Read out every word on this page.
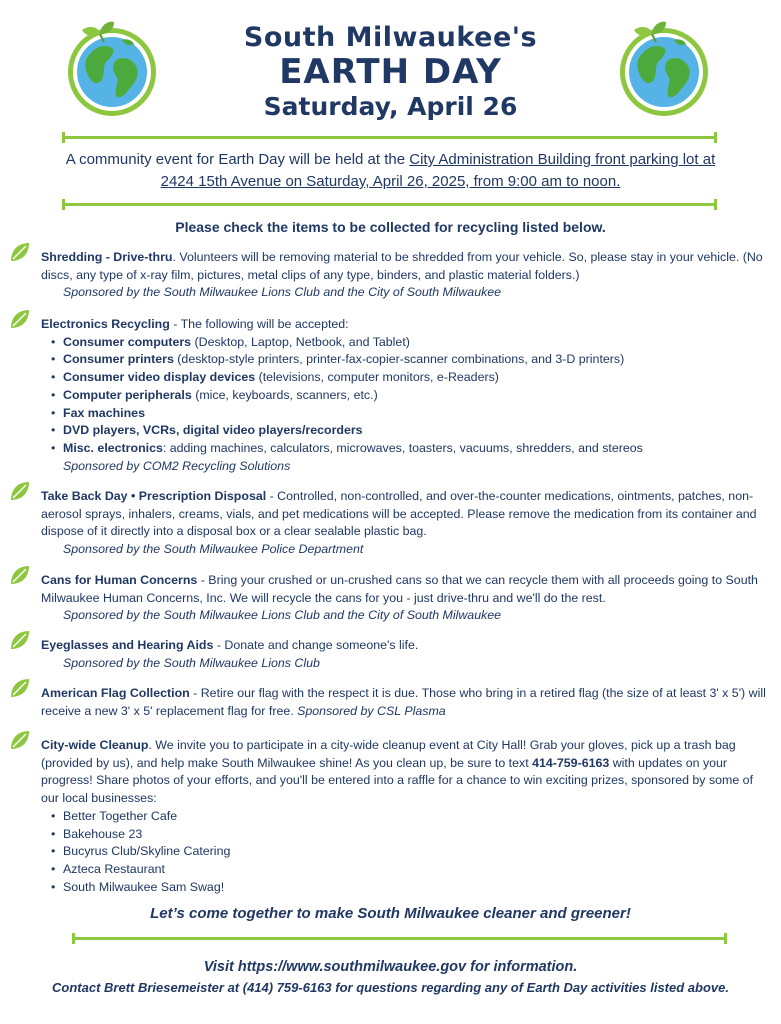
South Milwaukee's
EARTH DAY
Saturday, April 26
A community event for Earth Day will be held at the City Administration Building front parking lot at
2424 15th Avenue on Saturday, April 26, 2025, from 9:00 am to noon.
Please check the items to be collected for recycling listed below.
Shredding - Drive-thru. Volunteers will be removing material to be shredded from your vehicle. So, please stay in your vehicle. (No discs, any type of x-ray film, pictures, metal clips of any type, binders, and plastic material folders.)
Sponsored by the South Milwaukee Lions Club and the City of South Milwaukee
Electronics Recycling - The following will be accepted:
• Consumer computers (Desktop, Laptop, Netbook, and Tablet)
• Consumer printers (desktop-style printers, printer-fax-copier-scanner combinations, and 3-D printers)
• Consumer video display devices (televisions, computer monitors, e-Readers)
• Computer peripherals (mice, keyboards, scanners, etc.)
• Fax machines
• DVD players, VCRs, digital video players/recorders
• Misc. electronics: adding machines, calculators, microwaves, toasters, vacuums, shredders, and stereos
Sponsored by COM2 Recycling Solutions
Take Back Day • Prescription Disposal - Controlled, non-controlled, and over-the-counter medications, ointments, patches, non-aerosol sprays, inhalers, creams, vials, and pet medications will be accepted. Please remove the medication from its container and dispose of it directly into a disposal box or a clear sealable plastic bag.
Sponsored by the South Milwaukee Police Department
Cans for Human Concerns - Bring your crushed or un-crushed cans so that we can recycle them with all proceeds going to South Milwaukee Human Concerns, Inc. We will recycle the cans for you - just drive-thru and we'll do the rest.
Sponsored by the South Milwaukee Lions Club and the City of South Milwaukee
Eyeglasses and Hearing Aids - Donate and change someone's life.
Sponsored by the South Milwaukee Lions Club
American Flag Collection - Retire our flag with the respect it is due. Those who bring in a retired flag (the size of at least 3' x 5') will receive a new 3' x 5' replacement flag for free. Sponsored by CSL Plasma
City-wide Cleanup. We invite you to participate in a city-wide cleanup event at City Hall! Grab your gloves, pick up a trash bag (provided by us), and help make South Milwaukee shine! As you clean up, be sure to text 414-759-6163 with updates on your progress! Share photos of your efforts, and you'll be entered into a raffle for a chance to win exciting prizes, sponsored by some of our local businesses:
• Better Together Cafe
• Bakehouse 23
• Bucyrus Club/Skyline Catering
• Azteca Restaurant
• South Milwaukee Sam Swag!
Let’s come together to make South Milwaukee cleaner and greener!
Visit https://www.southmilwaukee.gov for information.
Contact Brett Briesemeister at (414) 759-6163 for questions regarding any of Earth Day activities listed above.
